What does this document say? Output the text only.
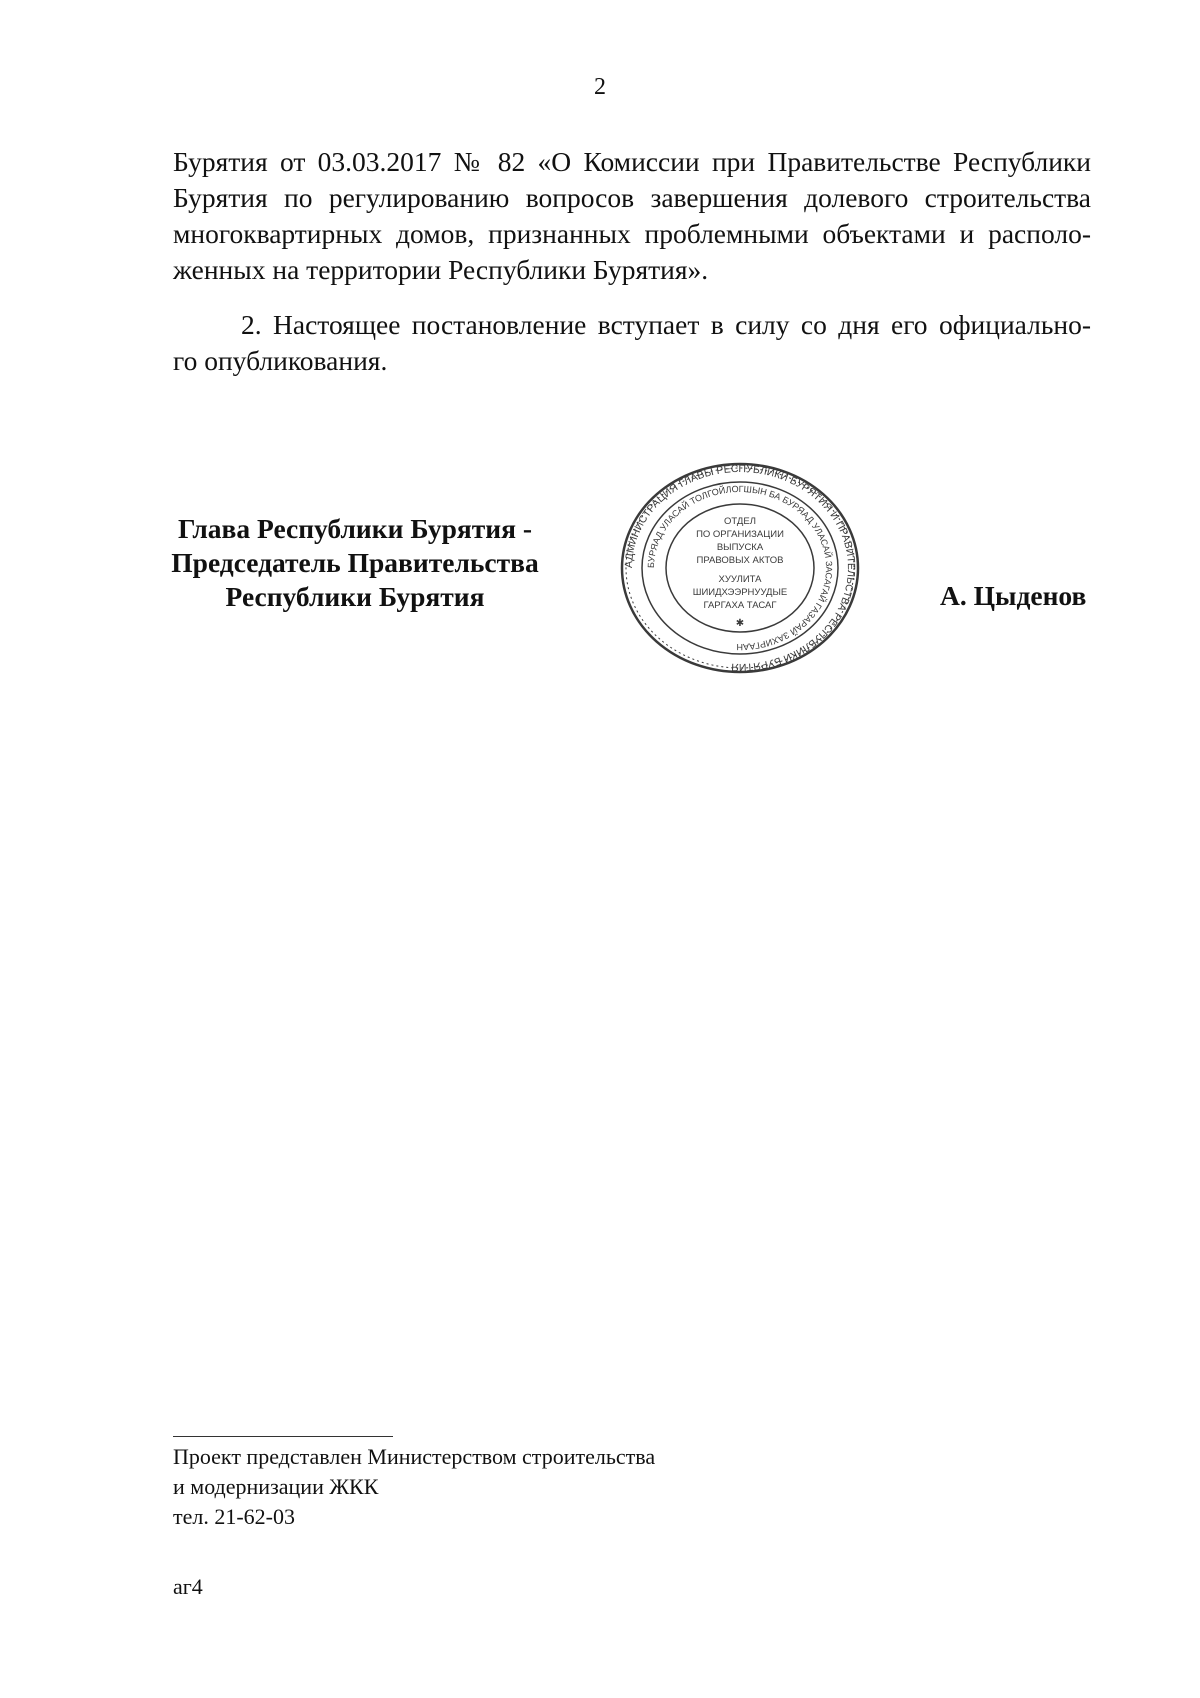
2
Бурятия от 03.03.2017 № 82 «О Комиссии при Правительстве Республики
Бурятия по регулированию вопросов завершения долевого строительства
многоквартирных домов, признанных проблемными объектами и располо-
женных на территории Республики Бурятия».
2. Настоящее постановление вступает в силу со дня его официально-
го опубликования.
Глава Республики Бурятия -
Председатель Правительства
Республики Бурятия
АДМИНИСТРАЦИЯ ГЛАВЫ РЕСПУБЛИКИ БУРЯТИЯ И ПРАВИТЕЛЬСТВА РЕСПУБЛИКИ БУРЯТИЯ
БУРЯАД УЛАСАЙ ТОЛГОЙЛОГШЫН БА БУРЯАД УЛАСАЙ ЗАСАГАЙ ГАЗАРАЙ ЗАХИРГААН
ОТДЕЛ
ПО ОРГАНИЗАЦИИ
ВЫПУСКА
ПРАВОВЫХ АКТОВ
ХУУЛИТА
ШИИДХЭЭРНУУДЫЕ
ГАРГАХА ТАСАГ
✱
А. Цыденов
Проект представлен Министерством строительства
и модернизации ЖКК
тел. 21-62-03
аг4
